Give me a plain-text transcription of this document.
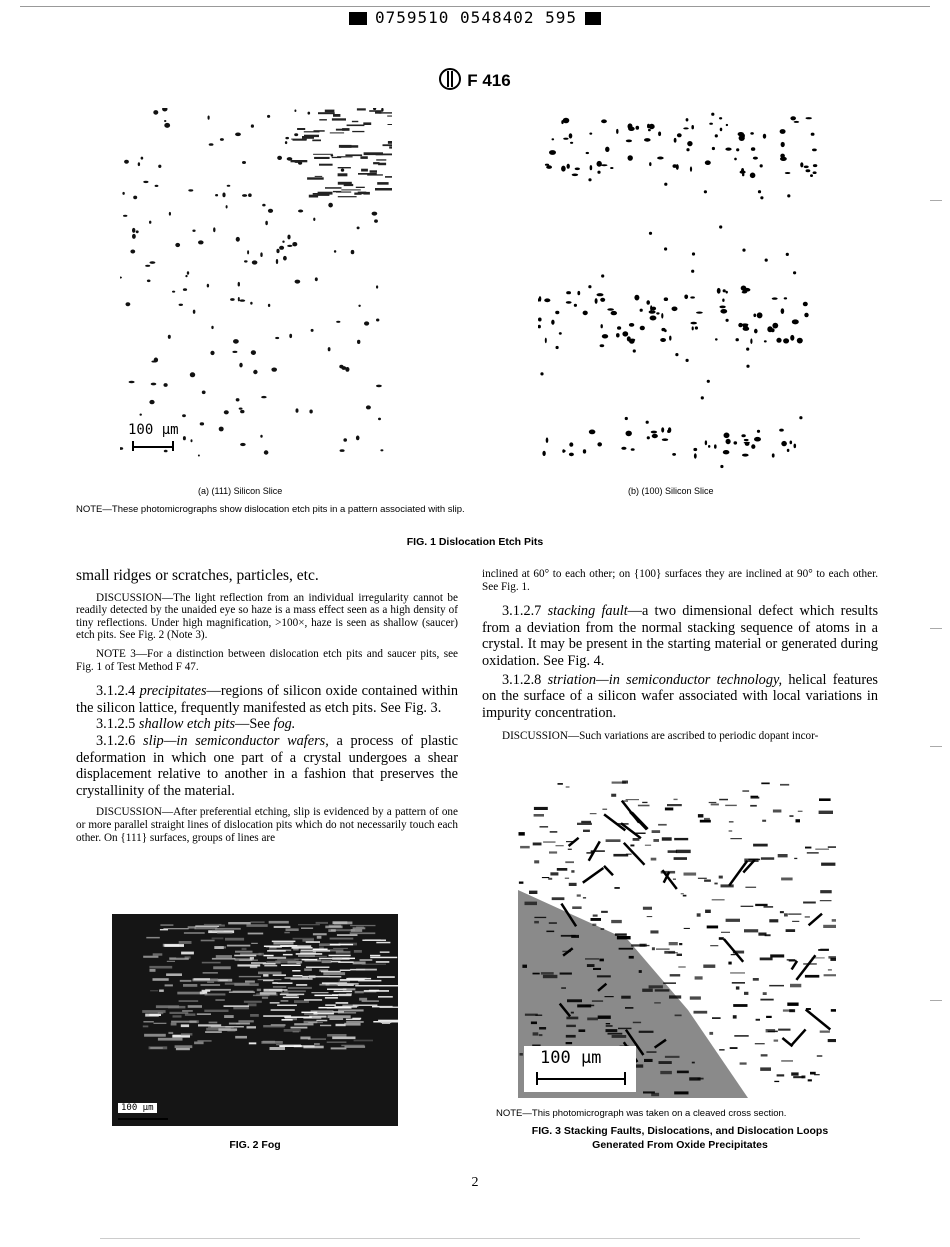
0759510 0548402 595
F 416
100 μm
(a) (111) Silicon Slice	(b) (100) Silicon Slice
NOTE—These photomicrographs show dislocation etch pits in a pattern associated with slip.
FIG. 1 Dislocation Etch Pits

small ridges or scratches, particles, etc.

DISCUSSION—The light reflection from an individual irregularity cannot be readily detected by the unaided eye so haze is a mass effect seen as a high density of tiny reflections. Under high magnification, >100×, haze is seen as shallow (saucer) etch pits. See Fig. 2 (Note 3).

NOTE 3—For a distinction between dislocation etch pits and saucer pits, see Fig. 1 of Test Method F 47.

3.1.2.4 precipitates—regions of silicon oxide contained within the silicon lattice, frequently manifested as etch pits. See Fig. 3.

3.1.2.5 shallow etch pits—See fog.

3.1.2.6 slip—in semiconductor wafers, a process of plastic deformation in which one part of a crystal undergoes a shear displacement relative to another in a fashion that preserves the crystallinity of the material.

DISCUSSION—After preferential etching, slip is evidenced by a pattern of one or more parallel straight lines of dislocation pits which do not necessarily touch each other. On {111} surfaces, groups of lines are

inclined at 60° to each other; on {100} surfaces they are inclined at 90° to each other. See Fig. 1.

3.1.2.7 stacking fault—a two dimensional defect which results from a deviation from the normal stacking sequence of atoms in a crystal. It may be present in the starting material or generated during oxidation. See Fig. 4.

3.1.2.8 striation—in semiconductor technology, helical features on the surface of a silicon wafer associated with local variations in impurity concentration.

DISCUSSION—Such variations are ascribed to periodic dopant incor-

100 μm
FIG. 2 Fog
100 μm
NOTE—This photomicrograph was taken on a cleaved cross section.
FIG. 3 Stacking Faults, Dislocations, and Dislocation Loops
Generated From Oxide Precipitates
2
